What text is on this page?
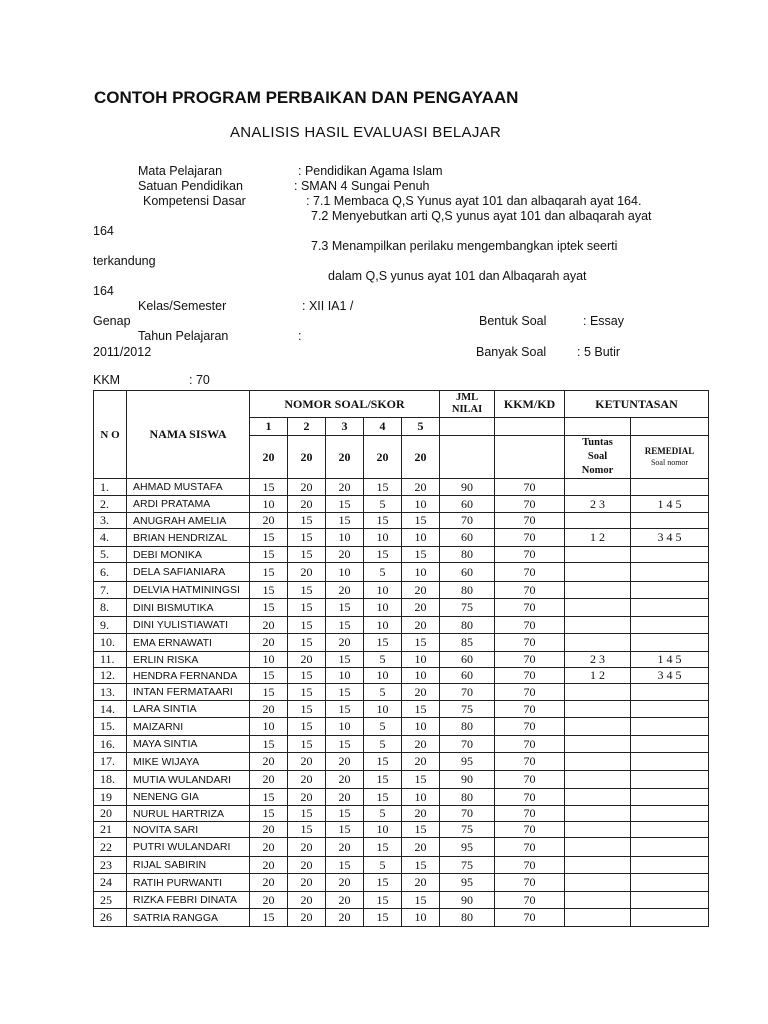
CONTOH PROGRAM PERBAIKAN DAN PENGAYAAN
ANALISIS HASIL EVALUASI BELAJAR
Mata Pelajaran	: Pendidikan Agama Islam
Satuan Pendidikan	: SMAN 4 Sungai Penuh
Kompetensi Dasar	: 7.1 Membaca Q,S Yunus ayat 101 dan albaqarah ayat 164.
7.2 Menyebutkan arti Q,S yunus ayat 101 dan albaqarah ayat
164
7.3 Menampilkan perilaku mengembangkan iptek seerti
terkandung
dalam Q,S yunus ayat 101 dan Albaqarah ayat
164
Kelas/Semester	: XII IA1 /
Genap	Bentuk Soal	: Essay
Tahun Pelajaran	:
2011/2012	Banyak Soal : 5 Butir
KKM	: 70
N O	NAMA SISWA	NOMOR SOAL/SKOR					JML NILAI	KKM/KD	KETUNTASAN	
		1	2	3	4	5				
		20	20	20	20	20			Tuntas Soal Nomor	REMEDIAL
Soal nomor

1.	AHMAD MUSTAFA	15	20	20	15	20	90	70		
2.	ARDI PRATAMA	10	20	15	5	10	60	70	2 3	1 4 5
3.	ANUGRAH AMELIA	20	15	15	15	15	70	70		
4.	BRIAN HENDRIZAL	15	15	10	10	10	60	70	1 2	3 4 5
5.	DEBI MONIKA	15	15	20	15	15	80	70		
6.	DELA SAFIANIARA	15	20	10	5	10	60	70		
7.	DELVIA HATMININGSI	15	15	20	10	20	80	70		
8.	DINI BISMUTIKA	15	15	15	10	20	75	70		
9.	DINI YULISTIAWATI	20	15	15	10	20	80	70		
10.	EMA ERNAWATI	20	15	20	15	15	85	70		
11.	ERLIN RISKA	10	20	15	5	10	60	70	2 3	1 4 5
12.	HENDRA FERNANDA	15	15	10	10	10	60	70	1 2	3 4 5
13.	INTAN FERMATAARI	15	15	15	5	20	70	70		
14.	LARA SINTIA	20	15	15	10	15	75	70		
15.	MAIZARNI	10	15	10	5	10	80	70		
16.	MAYA SINTIA	15	15	15	5	20	70	70		
17.	MIKE WIJAYA	20	20	20	15	20	95	70		
18.	MUTIA WULANDARI	20	20	20	15	15	90	70		
19	NENENG GIA	15	20	20	15	10	80	70		
20	NURUL HARTRIZA	15	15	15	5	20	70	70		
21	NOVITA SARI	20	15	15	10	15	75	70		
22	PUTRI WULANDARI	20	20	20	15	20	95	70		
23	RIJAL SABIRIN	20	20	15	5	15	75	70		
24	RATIH PURWANTI	20	20	20	15	20	95	70		
25	RIZKA FEBRI DINATA	20	20	20	15	15	90	70		
26	SATRIA RANGGA	15	20	20	15	10	80	70		
